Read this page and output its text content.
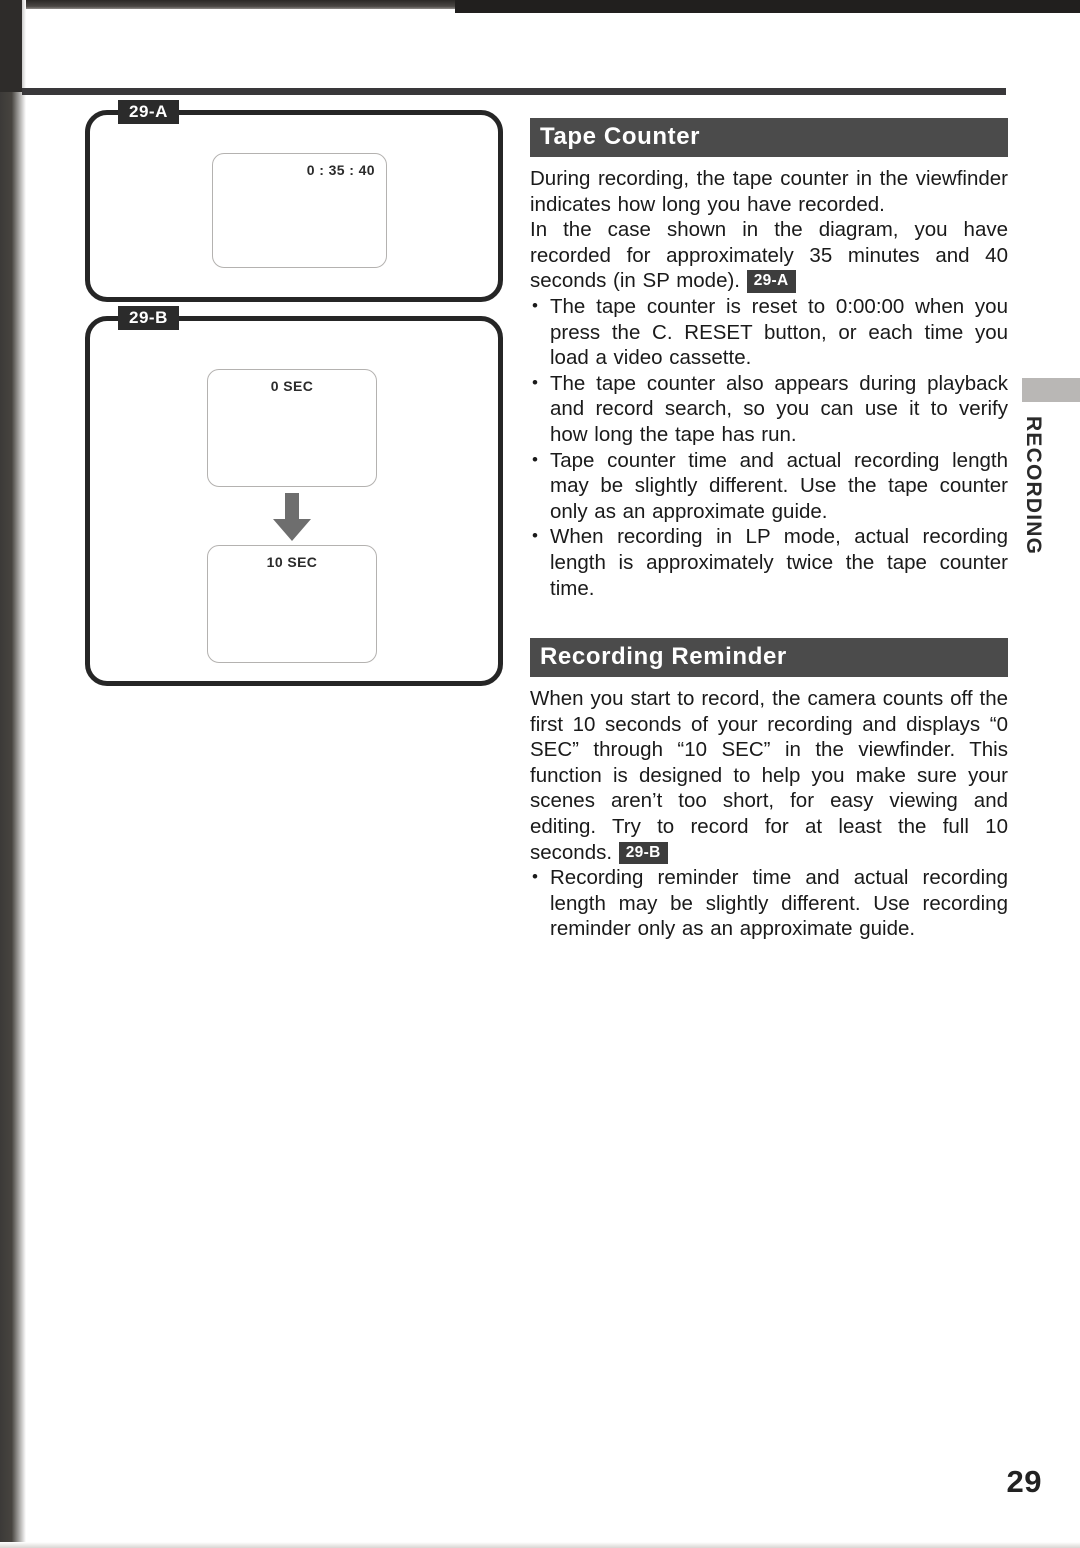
RECORDING
29-A
0 : 35 : 40
29-B
0 SEC
10 SEC
Tape Counter

During recording, the tape counter in the viewfinder indicates how long you have recorded.

In the case shown in the diagram, you have recorded for approximately 35 minutes and 40 seconds (in SP mode). 29-A

• The tape counter is reset to 0:00:00 when you press the C. RESET button, or each time you load a video cassette.
• The tape counter also appears during playback and record search, so you can use it to verify how long the tape has run.
• Tape counter time and actual recording length may be slightly different. Use the tape counter only as an approximate guide.
• When recording in LP mode, actual recording length is approximately twice the tape counter time.
Recording Reminder

When you start to record, the camera counts off the first 10 seconds of your recording and displays “0 SEC” through “10 SEC” in the viewfinder. This function is designed to help you make sure your scenes aren’t too short, for easy viewing and editing. Try to record for at least the full 10 seconds. 29-B

• Recording reminder time and actual recording length may be slightly different. Use recording reminder only as an approximate guide.
29
